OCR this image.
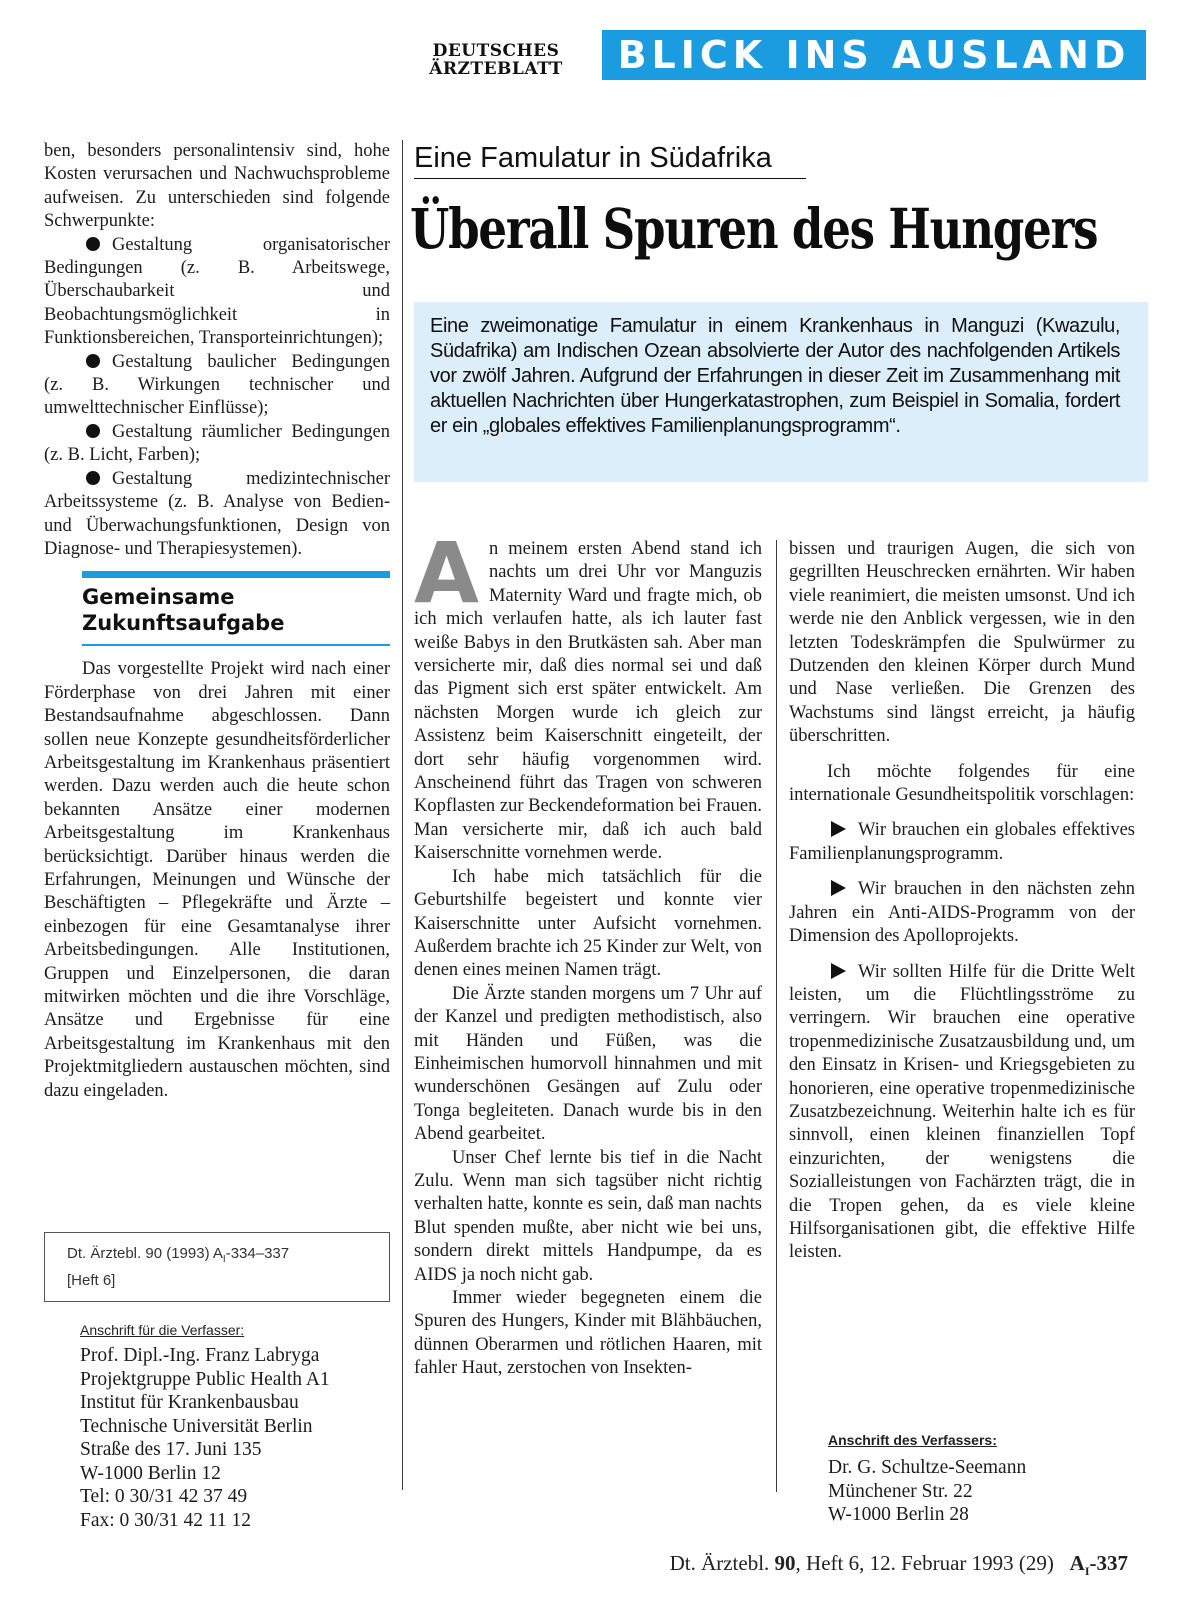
DEUTSCHES
ÄRZTEBLATT	BLICK INS AUSLAND

ben, besonders personalintensiv sind, hohe Kosten verursachen und Nachwuchsprobleme aufweisen. Zu unterschieden sind folgende Schwerpunkte:

Gestaltung organisatorischer Bedingungen (z. B. Arbeitswege, Überschaubarkeit und Beobachtungsmöglichkeit in Funktionsbereichen, Transporteinrichtungen);

Gestaltung baulicher Bedingungen (z. B. Wirkungen technischer und umwelttechnischer Einflüsse);

Gestaltung räumlicher Bedingungen (z. B. Licht, Farben);

Gestaltung medizintechnischer Arbeitssysteme (z. B. Analyse von Bedien- und Überwachungsfunktionen, Design von Diagnose- und Therapiesystemen).

Gemeinsame
Zukunftsaufgabe

Das vorgestellte Projekt wird nach einer Förderphase von drei Jahren mit einer Bestandsaufnahme abgeschlossen. Dann sollen neue Konzepte gesundheitsförderlicher Arbeitsgestaltung im Krankenhaus präsentiert werden. Dazu werden auch die heute schon bekannten Ansätze einer modernen Arbeitsgestaltung im Krankenhaus berücksichtigt. Darüber hinaus werden die Erfahrungen, Meinungen und Wünsche der Beschäftigten – Pflegekräfte und Ärzte – einbezogen für eine Gesamtanalyse ihrer Arbeitsbedingungen. Alle Institutionen, Gruppen und Einzelpersonen, die daran mitwirken möchten und die ihre Vorschläge, Ansätze und Ergebnisse für eine Arbeitsgestaltung im Krankenhaus mit den Projektmitgliedern austauschen möchten, sind dazu eingeladen.

Dt. Ärztebl. 90 (1993) $A_I-334-337$
[Heft 6]
Anschrift für die Verfasser:
Prof. Dipl.-Ing. Franz Labryga
Projektgruppe Public Health A1
Institut für Krankenbausbau
Technische Universität Berlin
Straße des 17. Juni 135
W-1000 Berlin 12
Tel: 0 30/31 42 37 49
Fax: 0 30/31 42 11 12
Eine Famulatur in Südafrika
Überall Spuren des Hungers
Eine zweimonatige Famulatur in einem Krankenhaus in Manguzi (Kwazulu, Südafrika) am Indischen Ozean absolvierte der Autor des nachfolgenden Artikels vor zwölf Jahren. Aufgrund der Erfahrungen in dieser Zeit im Zusammenhang mit aktuellen Nachrichten über Hungerkatastrophen, zum Beispiel in Somalia, fordert er ein „globales effektives Familienplanungsprogramm“.

An meinem ersten Abend stand ich nachts um drei Uhr vor Manguzis Maternity Ward und fragte mich, ob ich mich verlaufen hatte, als ich lauter fast weiße Babys in den Brutkästen sah. Aber man versicherte mir, daß dies normal sei und daß das Pigment sich erst später entwickelt. Am nächsten Morgen wurde ich gleich zur Assistenz beim Kaiserschnitt eingeteilt, der dort sehr häufig vorgenommen wird. Anscheinend führt das Tragen von schweren Kopflasten zur Beckendeformation bei Frauen. Man versicherte mir, daß ich auch bald Kaiserschnitte vornehmen werde.

Ich habe mich tatsächlich für die Geburtshilfe begeistert und konnte vier Kaiserschnitte unter Aufsicht vornehmen. Außerdem brachte ich 25 Kinder zur Welt, von denen eines meinen Namen trägt.

Die Ärzte standen morgens um 7 Uhr auf der Kanzel und predigten methodistisch, also mit Händen und Füßen, was die Einheimischen humorvoll hinnahmen und mit wunderschönen Gesängen auf Zulu oder Tonga begleiteten. Danach wurde bis in den Abend gearbeitet.

Unser Chef lernte bis tief in die Nacht Zulu. Wenn man sich tagsüber nicht richtig verhalten hatte, konnte es sein, daß man nachts Blut spenden mußte, aber nicht wie bei uns, sondern direkt mittels Handpumpe, da es AIDS ja noch nicht gab.

Immer wieder begegneten einem die Spuren des Hungers, Kinder mit Blähbäuchen, dünnen Oberarmen und rötlichen Haaren, mit fahler Haut, zerstochen von Insekten-

bissen und traurigen Augen, die sich von gegrillten Heuschrecken ernährten. Wir haben viele reanimiert, die meisten umsonst. Und ich werde nie den Anblick vergessen, wie in den letzten Todeskrämpfen die Spulwürmer zu Dutzenden den kleinen Körper durch Mund und Nase verließen. Die Grenzen des Wachstums sind längst erreicht, ja häufig überschritten.

Ich möchte folgendes für eine internationale Gesundheitspolitik vorschlagen:

Wir brauchen ein globales effektives Familienplanungsprogramm.

Wir brauchen in den nächsten zehn Jahren ein Anti-AIDS-Programm von der Dimension des Apolloprojekts.

Wir sollten Hilfe für die Dritte Welt leisten, um die Flüchtlingsströme zu verringern. Wir brauchen eine operative tropenmedizinische Zusatzausbildung und, um den Einsatz in Krisen- und Kriegsgebieten zu honorieren, eine operative tropenmedizinische Zusatzbezeichnung. Weiterhin halte ich es für sinnvoll, einen kleinen finanziellen Topf einzurichten, der wenigstens die Sozialleistungen von Fachärzten trägt, die in die Tropen gehen, da es viele kleine Hilfsorganisationen gibt, die effektive Hilfe leisten.

Anschrift des Verfassers:
Dr. G. Schultze-Seemann
Münchener Str. 22
W-1000 Berlin 28
Dt. Ärztebl. 90, Heft 6, 12. Februar 1993 (29) $A_I-337$
